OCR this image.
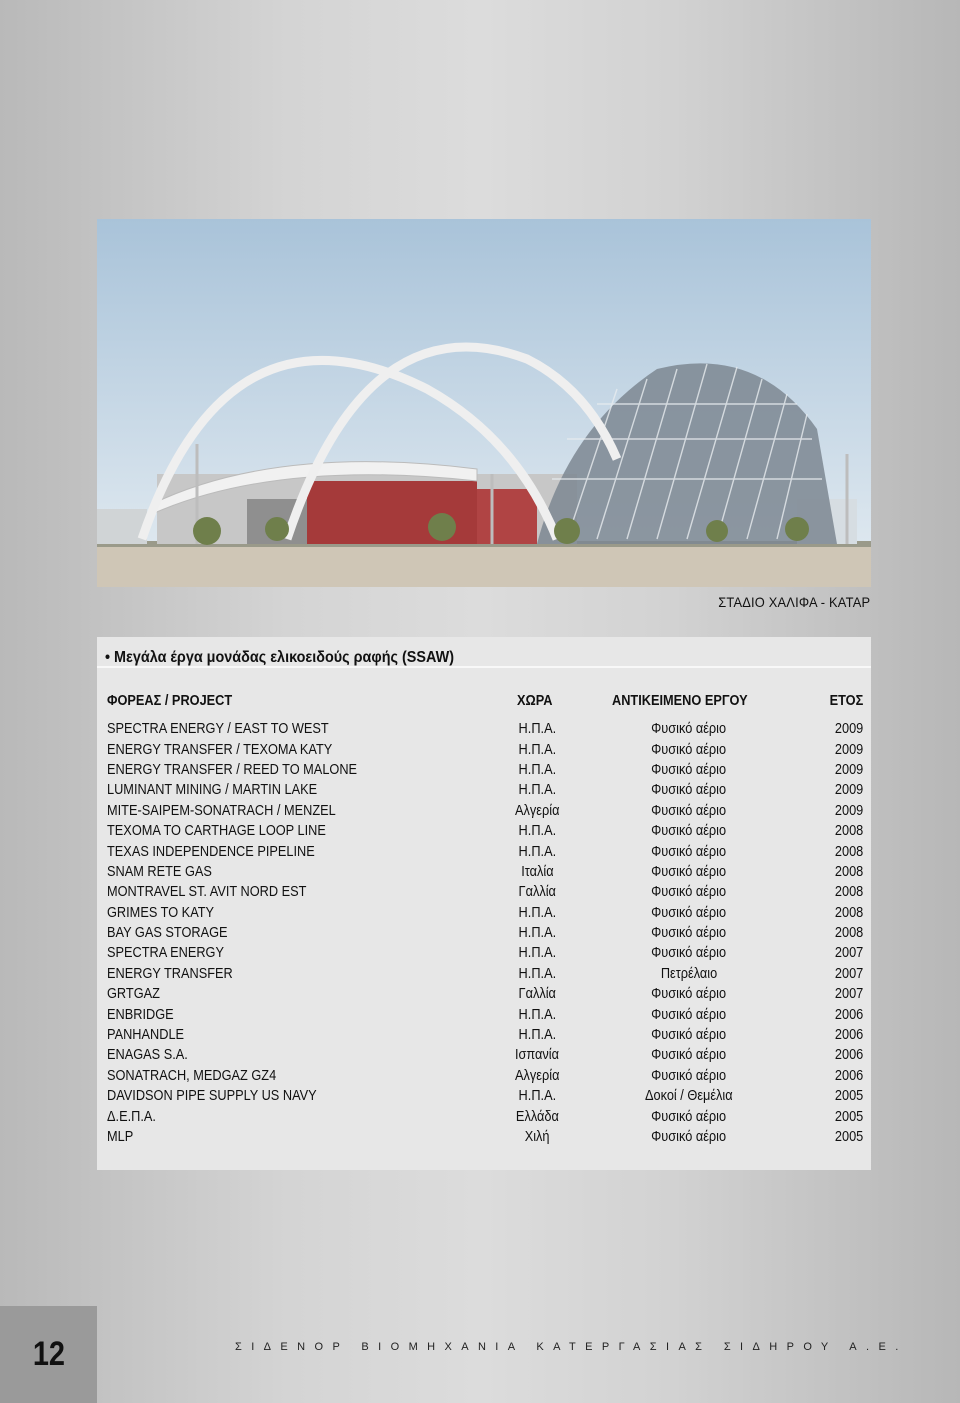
ΣΤΑΔΙΟ ΧΑΛΙΦΑ - ΚΑΤΑΡ
• Μεγάλα έργα μονάδας ελικοειδούς ραφής (SSAW)
ΦΟΡΕΑΣ / PROJECT	ΧΩΡΑ	ΑΝΤΙΚΕΙΜΕΝΟ ΕΡΓΟΥ	ΕΤΟΣ
SPECTRA ENERGY / EAST TO WEST	Η.Π.Α.	Φυσικό αέριο	2009
ENERGY TRANSFER / TEXOMA KATY	Η.Π.Α.	Φυσικό αέριο	2009
ENERGY TRANSFER / REED TO MALONE	Η.Π.Α.	Φυσικό αέριο	2009
LUMINANT MINING / MARTIN LAKE	Η.Π.Α.	Φυσικό αέριο	2009
MITE-SAIPEM-SONATRACH / MENZEL	Αλγερία	Φυσικό αέριο	2009
TEXOMA TO CARTHAGE LOOP LINE	Η.Π.Α.	Φυσικό αέριο	2008
TEXAS INDEPENDENCE PIPELINE	Η.Π.Α.	Φυσικό αέριο	2008
SNAM RETE GAS	Ιταλία	Φυσικό αέριο	2008
MONTRAVEL ST. AVIT NORD EST	Γαλλία	Φυσικό αέριο	2008
GRIMES TO KATY	Η.Π.Α.	Φυσικό αέριο	2008
BAY GAS STORAGE	Η.Π.Α.	Φυσικό αέριο	2008
SPECTRA ENERGY	Η.Π.Α.	Φυσικό αέριο	2007
ENERGY TRANSFER	Η.Π.Α.	Πετρέλαιο	2007
GRTGAZ	Γαλλία	Φυσικό αέριο	2007
ENBRIDGE	Η.Π.Α.	Φυσικό αέριο	2006
PANHANDLE	Η.Π.Α.	Φυσικό αέριο	2006
ENAGAS S.A.	Ισπανία	Φυσικό αέριο	2006
SONATRACH, MEDGAZ GZ4	Αλγερία	Φυσικό αέριο	2006
DAVIDSON PIPE SUPPLY US NAVY	Η.Π.Α.	Δοκοί / Θεμέλια	2005
Δ.Ε.Π.Α.	Ελλάδα	Φυσικό αέριο	2005
MLP	Χιλή	Φυσικό αέριο	2005
12	ΣΙΔΕΝΟΡ ΒΙΟΜΗΧΑΝΙΑ ΚΑΤΕΡΓΑΣΙΑΣ ΣΙΔΗΡΟΥ Α.Ε.
